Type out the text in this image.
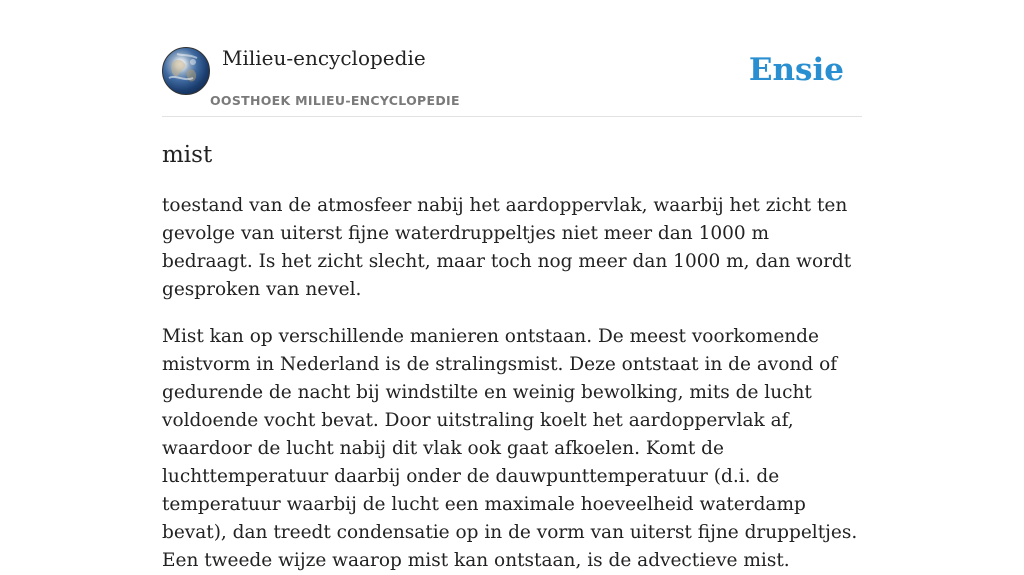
Milieu-encyclopedie
OOSTHOEK MILIEU-ENCYCLOPEDIE
Ensie
mist

toestand van de atmosfeer nabij het aardoppervlak, waarbij het zicht ten gevolge van uiterst fijne waterdruppeltjes niet meer dan 1000 m bedraagt. Is het zicht slecht, maar toch nog meer dan 1000 m, dan wordt gesproken van nevel.

Mist kan op verschillende manieren ontstaan. De meest voorkomende mistvorm in Nederland is de stralingsmist. Deze ontstaat in de avond of gedurende de nacht bij windstilte en weinig bewolking, mits de lucht voldoende vocht bevat. Door uitstraling koelt het aardoppervlak af, waardoor de lucht nabij dit vlak ook gaat afkoelen. Komt de luchttemperatuur daarbij onder de dauwpunttemperatuur (d.i. de temperatuur waarbij de lucht een maximale hoeveelheid waterdamp bevat), dan treedt condensatie op in de vorm van uiterst fijne druppeltjes. Een tweede wijze waarop mist kan ontstaan, is de advectieve mist.
